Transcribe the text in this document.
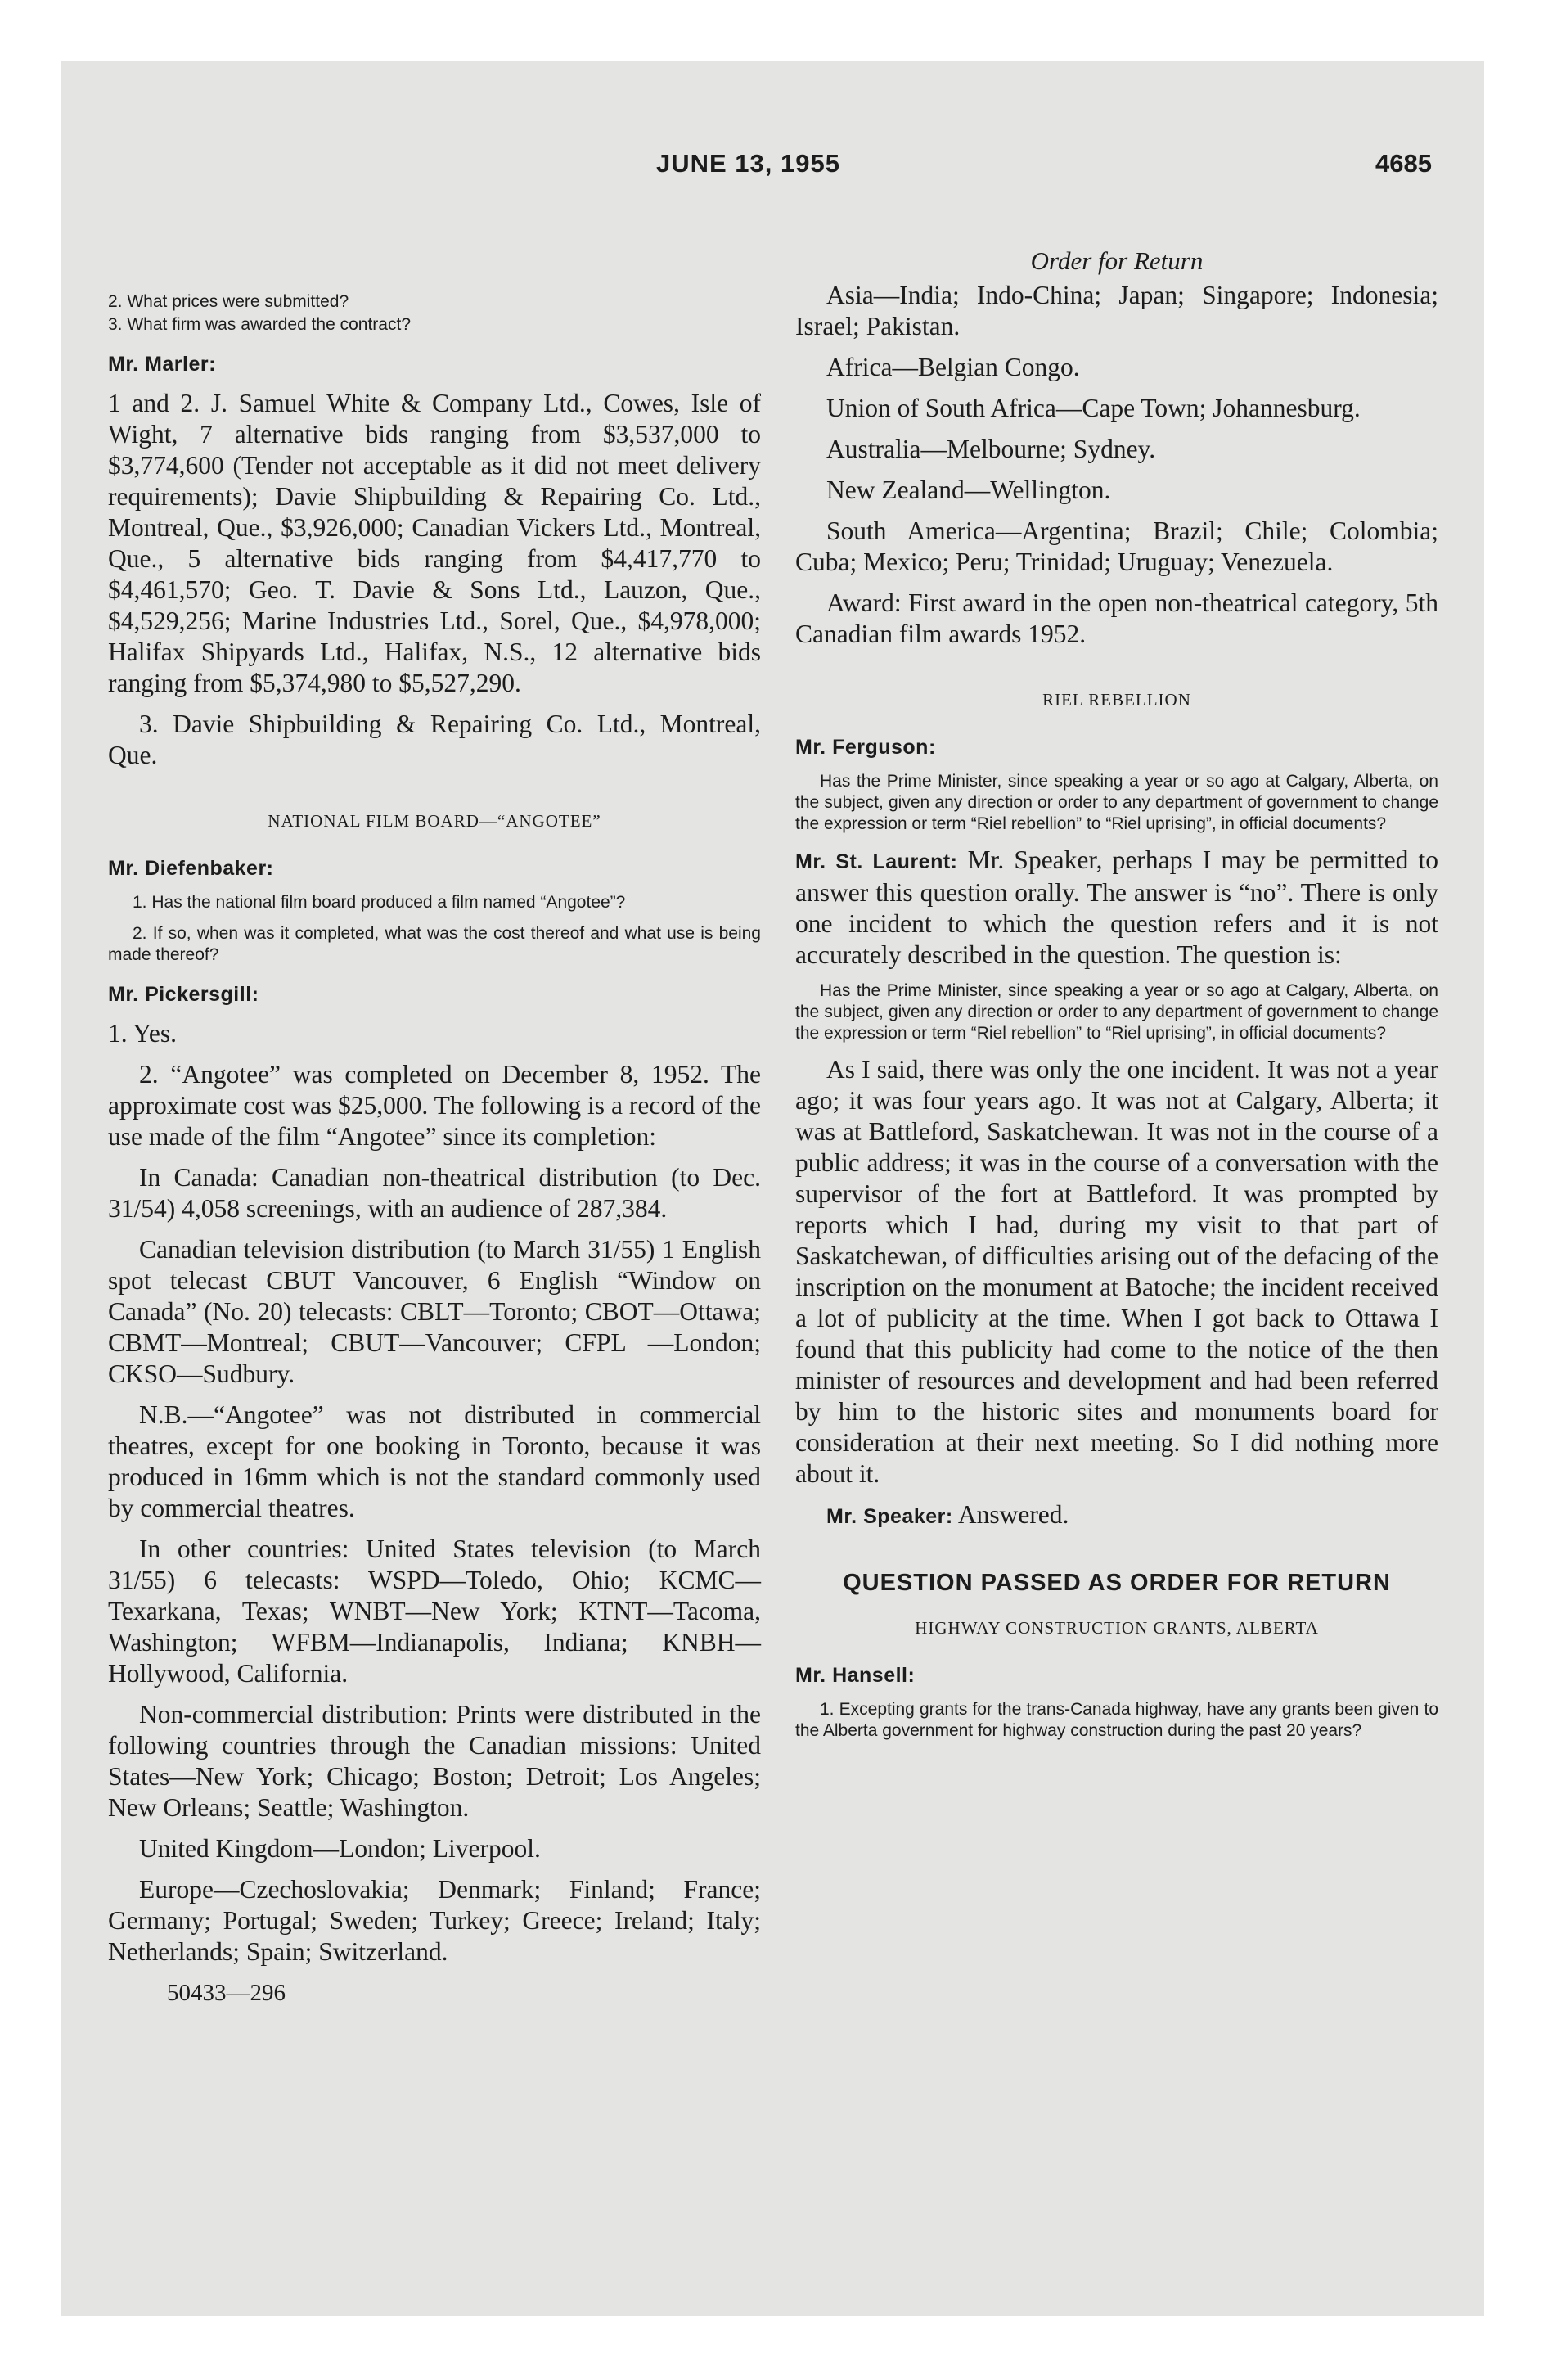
JUNE 13, 1955	4685

2. What prices were submitted?

3. What firm was awarded the contract?

Mr. Marler:

1 and 2. J. Samuel White & Company Ltd., Cowes, Isle of Wight, 7 alternative bids ranging from $3,537,000 to $3,774,600 (Tender not acceptable as it did not meet delivery requirements); Davie Shipbuilding & Repairing Co. Ltd., Montreal, Que., $3,926,000; Canadian Vickers Ltd., Montreal, Que., 5 alternative bids ranging from $4,417,770 to $4,461,570; Geo. T. Davie & Sons Ltd., Lauzon, Que., $4,529,256; Marine Industries Ltd., Sorel, Que., $4,978,000; Halifax Shipyards Ltd., Halifax, N.S., 12 alternative bids ranging from $5,374,980 to $5,527,290.

3. Davie Shipbuilding & Repairing Co. Ltd., Montreal, Que.

NATIONAL FILM BOARD—“ANGOTEE”

Mr. Diefenbaker:

1. Has the national film board produced a film named “Angotee”?

2. If so, when was it completed, what was the cost thereof and what use is being made thereof?

Mr. Pickersgill:

1. Yes.

2. “Angotee” was completed on December 8, 1952. The approximate cost was $25,000. The following is a record of the use made of the film “Angotee” since its completion:

In Canada: Canadian non-theatrical distribution (to Dec. 31/54) 4,058 screenings, with an audience of 287,384.

Canadian television distribution (to March 31/55) 1 English spot telecast CBUT Vancouver, 6 English “Window on Canada” (No. 20) telecasts: CBLT—Toronto; CBOT—Ottawa; CBMT—Montreal; CBUT—Vancouver; CFPL —London; CKSO—Sudbury.

N.B.—“Angotee” was not distributed in commercial theatres, except for one booking in Toronto, because it was produced in 16mm which is not the standard commonly used by commercial theatres.

In other countries: United States television (to March 31/55) 6 telecasts: WSPD—Toledo, Ohio; KCMC—Texarkana, Texas; WNBT—New York; KTNT—Tacoma, Washington; WFBM—Indianapolis, Indiana; KNBH—Hollywood, California.

Non-commercial distribution: Prints were distributed in the following countries through the Canadian missions: United States—New York; Chicago; Boston; Detroit; Los Angeles; New Orleans; Seattle; Washington.

United Kingdom—London; Liverpool.

Europe—Czechoslovakia; Denmark; Finland; France; Germany; Portugal; Sweden; Turkey; Greece; Ireland; Italy; Netherlands; Spain; Switzerland.

50433—296

Order for Return

Asia—India; Indo-China; Japan; Singapore; Indonesia; Israel; Pakistan.

Africa—Belgian Congo.

Union of South Africa—Cape Town; Johannesburg.

Australia—Melbourne; Sydney.

New Zealand—Wellington.

South America—Argentina; Brazil; Chile; Colombia; Cuba; Mexico; Peru; Trinidad; Uruguay; Venezuela.

Award: First award in the open non-theatrical category, 5th Canadian film awards 1952.

RIEL REBELLION

Mr. Ferguson:

Has the Prime Minister, since speaking a year or so ago at Calgary, Alberta, on the subject, given any direction or order to any department of government to change the expression or term “Riel rebellion” to “Riel uprising”, in official documents?

Mr. St. Laurent: Mr. Speaker, perhaps I may be permitted to answer this question orally. The answer is “no”. There is only one incident to which the question refers and it is not accurately described in the question. The question is:

Has the Prime Minister, since speaking a year or so ago at Calgary, Alberta, on the subject, given any direction or order to any department of government to change the expression or term “Riel rebellion” to “Riel uprising”, in official documents?

As I said, there was only the one incident. It was not a year ago; it was four years ago. It was not at Calgary, Alberta; it was at Battleford, Saskatchewan. It was not in the course of a public address; it was in the course of a conversation with the supervisor of the fort at Battleford. It was prompted by reports which I had, during my visit to that part of Saskatchewan, of difficulties arising out of the defacing of the inscription on the monument at Batoche; the incident received a lot of publicity at the time. When I got back to Ottawa I found that this publicity had come to the notice of the then minister of resources and development and had been referred by him to the historic sites and monuments board for consideration at their next meeting. So I did nothing more about it.

Mr. Speaker: Answered.

QUESTION PASSED AS ORDER FOR RETURN

HIGHWAY CONSTRUCTION GRANTS, ALBERTA

Mr. Hansell:

1. Excepting grants for the trans-Canada highway, have any grants been given to the Alberta government for highway construction during the past 20 years?
